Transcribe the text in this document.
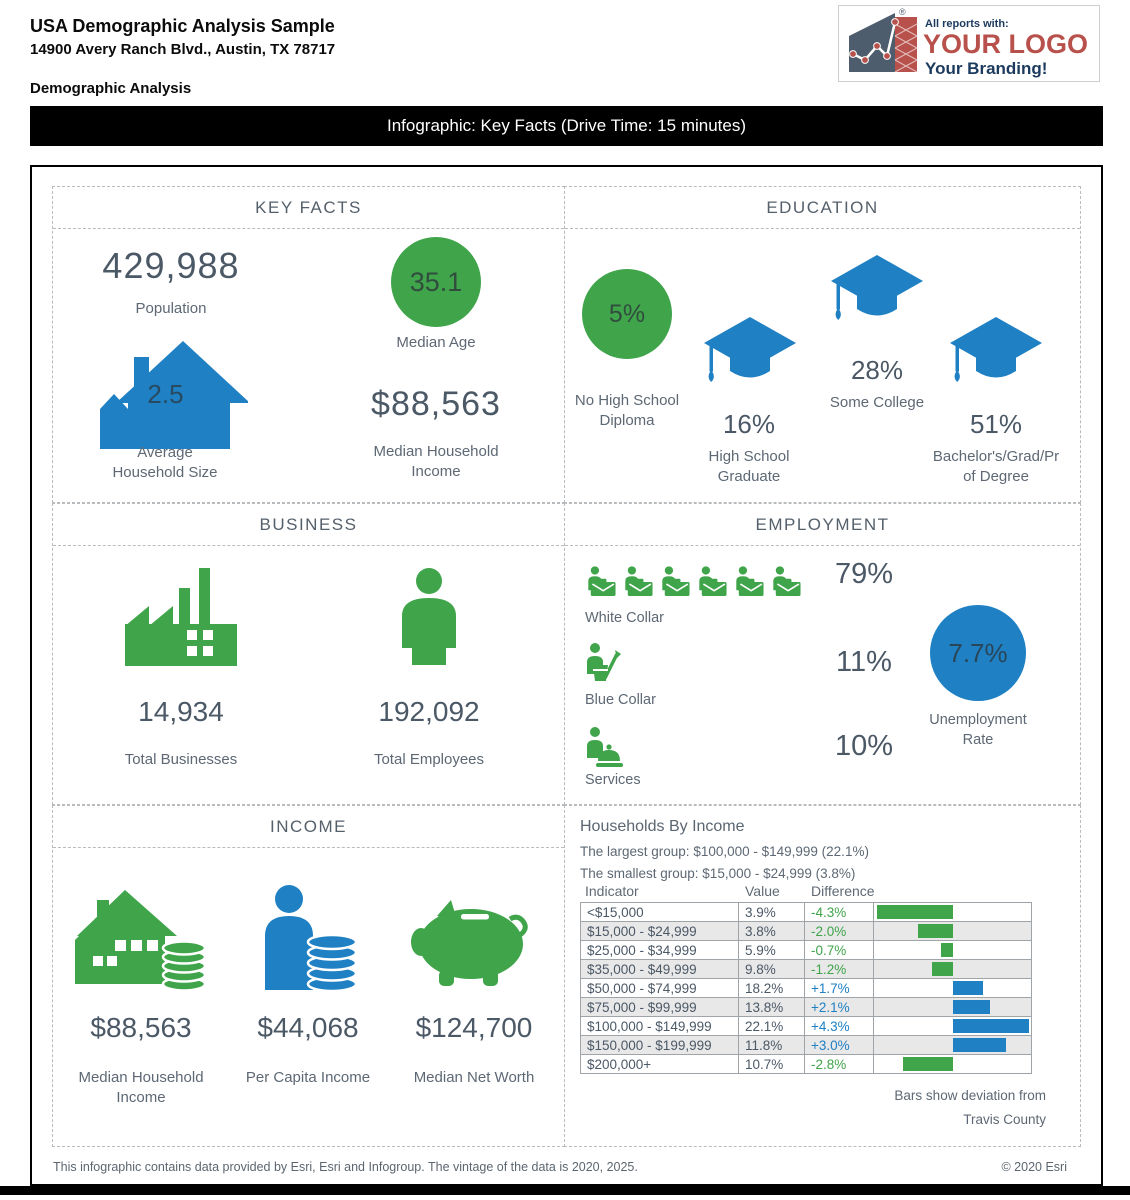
USA Demographic Analysis Sample
14900 Avery Ranch Blvd., Austin, TX 78717
Demographic Analysis
®
All reports with:
YOUR LOGO
Your Branding!
Infographic: Key Facts (Drive Time: 15 minutes)
KEY FACTS
429,988
Population
35.1
Median Age
2.5
Average
Household Size
$88,563
Median Household
Income
EDUCATION
5%
No High School
Diploma	16%
High School
Graduate
28%
Some College
51%
Bachelor's/Grad/Pr
of Degree
BUSINESS
14,934
Total Businesses
192,092
Total Employees
EMPLOYMENT
79%
White Collar
11%
Blue Collar
10%
Services
7.7%
Unemployment
Rate
INCOME
$88,563	$44,068	$124,700
Median Household
Income
Per Capita Income	Median Net Worth
Households By Income
The largest group: $100,000 - $149,999 (22.1%)
The smallest group: $15,000 - $24,999 (3.8%)
Indicator	Value Difference
<$15,000	3.9%	-4.3%	

$15,000 - $24,999	3.8%	-2.0%	

$25,000 - $34,999	5.9%	-0.7%	

$35,000 - $49,999	9.8%	-1.2%	

$50,000 - $74,999	18.2%	+1.7%	

$75,000 - $99,999	13.8%	+2.1%	

$100,000 - $149,999	22.1%	+4.3%	

$150,000 - $199,999	11.8%	+3.0%	

$200,000+	10.7%	-2.8%	
Bars show deviation from
Travis County
This infographic contains data provided by Esri, Esri and Infogroup. The vintage of the data is 2020, 2025.	© 2020 Esri
